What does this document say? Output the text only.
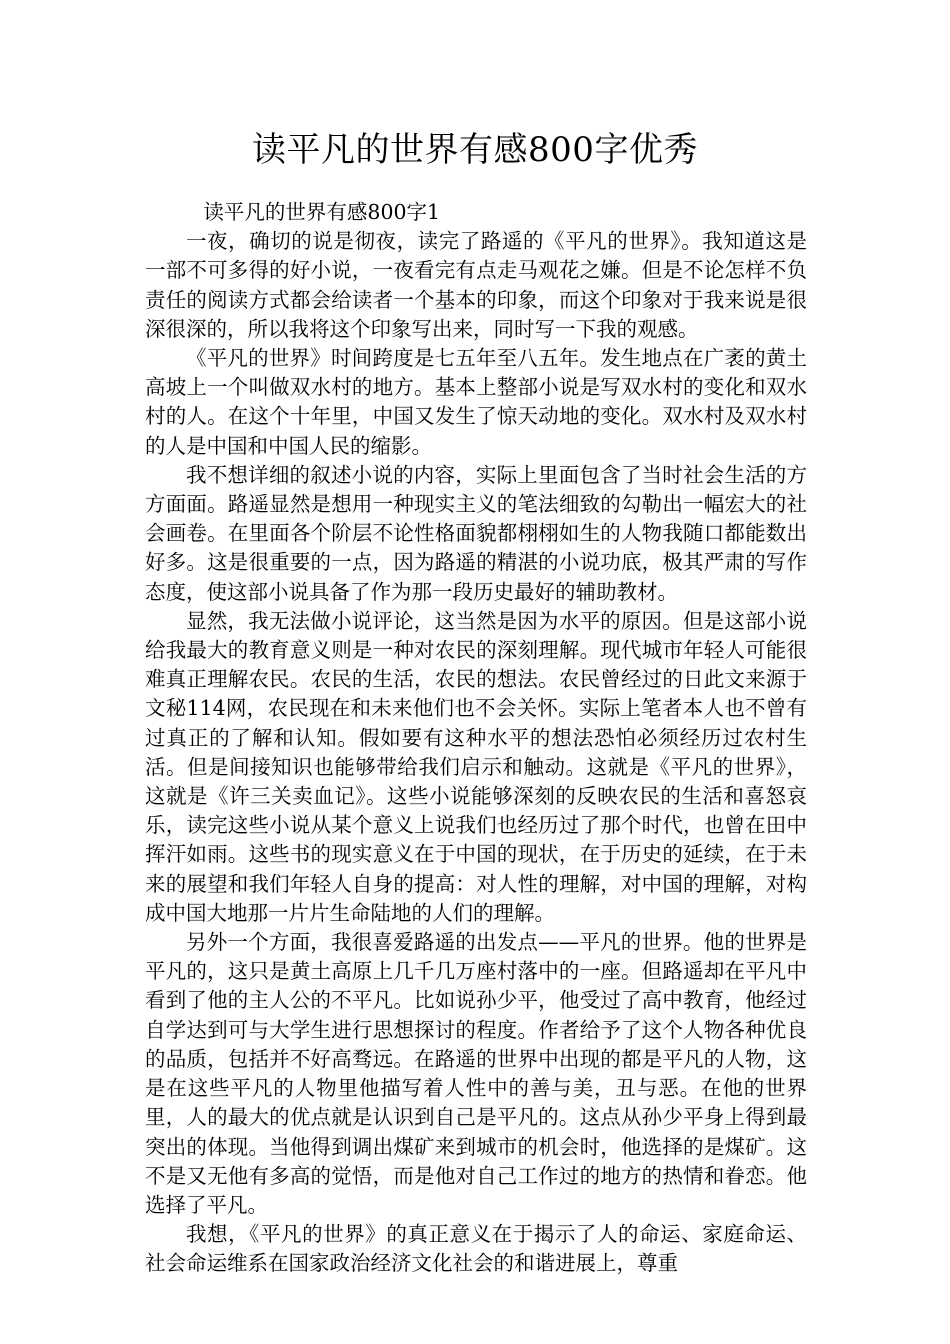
读平凡的世界有感800字优秀

读平凡的世界有感800字1

一夜，确切的说是彻夜，读完了路遥的《平凡的世界》。我知道这是一部不可多得的好小说，一夜看完有点走马观花之嫌。但是不论怎样不负责任的阅读方式都会给读者一个基本的印象，而这个印象对于我来说是很深很深的，所以我将这个印象写出来，同时写一下我的观感。

《平凡的世界》时间跨度是七五年至八五年。发生地点在广袤的黄土高坡上一个叫做双水村的地方。基本上整部小说是写双水村的变化和双水村的人。在这个十年里，中国又发生了惊天动地的变化。双水村及双水村的人是中国和中国人民的缩影。

我不想详细的叙述小说的内容，实际上里面包含了当时社会生活的方方面面。路遥显然是想用一种现实主义的笔法细致的勾勒出一幅宏大的社会画卷。在里面各个阶层不论性格面貌都栩栩如生的人物我随口都能数出好多。这是很重要的一点，因为路遥的精湛的小说功底，极其严肃的写作态度，使这部小说具备了作为那一段历史最好的辅助教材。

显然，我无法做小说评论，这当然是因为水平的原因。但是这部小说给我最大的教育意义则是一种对农民的深刻理解。现代城市年轻人可能很难真正理解农民。农民的生活，农民的想法。农民曾经过的日此文来源于文秘114网，农民现在和未来他们也不会关怀。实际上笔者本人也不曾有过真正的了解和认知。假如要有这种水平的想法恐怕必须经历过农村生活。但是间接知识也能够带给我们启示和触动。这就是《平凡的世界》，这就是《许三关卖血记》。这些小说能够深刻的反映农民的生活和喜怒哀乐，读完这些小说从某个意义上说我们也经历过了那个时代，也曾在田中挥汗如雨。这些书的现实意义在于中国的现状，在于历史的延续，在于未来的展望和我们年轻人自身的提高：对人性的理解，对中国的理解，对构成中国大地那一片片生命陆地的人们的理解。

另外一个方面，我很喜爱路遥的出发点——平凡的世界。他的世界是平凡的，这只是黄土高原上几千几万座村落中的一座。但路遥却在平凡中看到了他的主人公的不平凡。比如说孙少平，他受过了高中教育，他经过自学达到可与大学生进行思想探讨的程度。作者给予了这个人物各种优良的品质，包括并不好高骛远。在路遥的世界中出现的都是平凡的人物，这是在这些平凡的人物里他描写着人性中的善与美，丑与恶。在他的世界里，人的最大的优点就是认识到自己是平凡的。这点从孙少平身上得到最突出的体现。当他得到调出煤矿来到城市的机会时，他选择的是煤矿。这不是又无他有多高的觉悟，而是他对自己工作过的地方的热情和眷恋。他选择了平凡。

我想，《平凡的世界》的真正意义在于揭示了人的命运、家庭命运、社会命运维系在国家政治经济文化社会的和谐进展上，尊重
